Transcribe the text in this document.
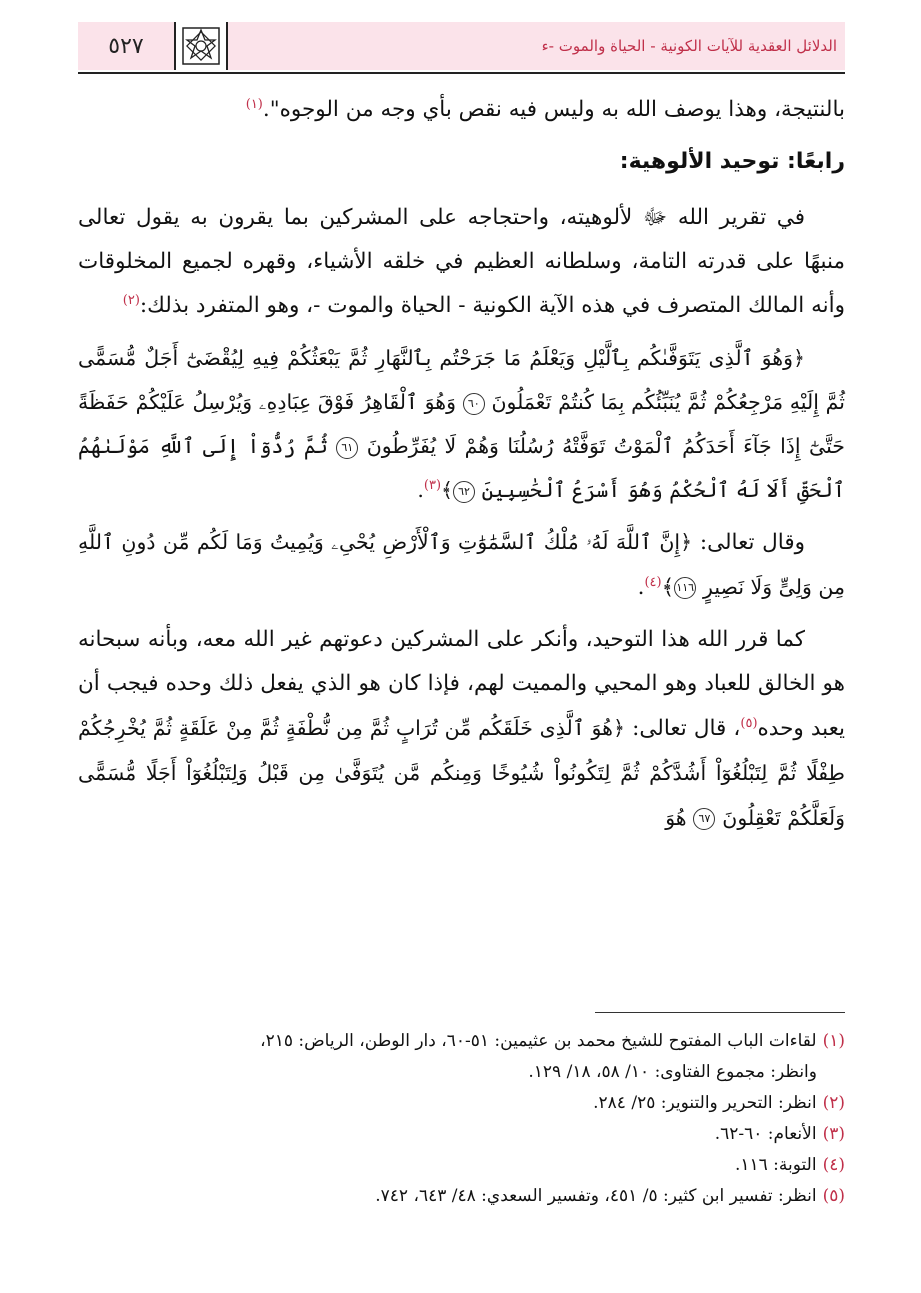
الدلائل العقدية للآيات الكونية - الحياة والموت -ء
٥٢٧

بالنتيجة، وهذا يوصف الله به وليس فيه نقص بأي وجه من الوجوه".$^{(١)}$

رابعًا: توحيد الألوهية:

في تقرير الله ﷻ لألوهيته، واحتجاجه على المشركين بما يقرون به يقول تعالى منبهًا على قدرته التامة، وسلطانه العظيم في خلقه الأشياء، وقهره لجميع المخلوقات وأنه المالك المتصرف في هذه الآية الكونية - الحياة والموت -، وهو المتفرد بذلك:$^{(٢)}$

﴿وَهُوَ ٱلَّذِى يَتَوَفَّىٰكُم بِٱلَّيْلِ وَيَعْلَمُ مَا جَرَحْتُم بِٱلنَّهَارِ ثُمَّ يَبْعَثُكُمْ فِيهِ لِيُقْضَىٰٓ أَجَلٌ مُّسَمًّى ثُمَّ إِلَيْهِ مَرْجِعُكُمْ ثُمَّ يُنَبِّئُكُم بِمَا كُنتُمْ تَعْمَلُونَ ٦٠ وَهُوَ ٱلْقَاهِرُ فَوْقَ عِبَادِهِۦ وَيُرْسِلُ عَلَيْكُمْ حَفَظَةً حَتَّىٰٓ إِذَا جَآءَ أَحَدَكُمُ ٱلْمَوْتُ تَوَفَّتْهُ رُسُلُنَا وَهُمْ لَا يُفَرِّطُونَ ٦١ ثُمَّ رُدُّوٓاْ إِلَى ٱللَّهِ مَوْلَىٰهُمُ ٱلْحَقِّ أَلَا لَهُ ٱلْحُكْمُ وَهُوَ أَسْرَعُ ٱلْحَٰسِبِينَ ٦٢﴾$^{(٣)}$.

وقال تعالى: ﴿إِنَّ ٱللَّهَ لَهُۥ مُلْكُ ٱلسَّمَٰوَٰتِ وَٱلْأَرْضِ يُحْىِۦ وَيُمِيتُ وَمَا لَكُم مِّن دُونِ ٱللَّهِ مِن وَلِىٍّ وَلَا نَصِيرٍ ١١٦﴾$^{(٤)}$.

كما قرر الله هذا التوحيد، وأنكر على المشركين دعوتهم غير الله معه، وبأنه سبحانه هو الخالق للعباد وهو المحيي والمميت لهم، فإذا كان هو الذي يفعل ذلك وحده فيجب أن يعبد وحده$^{(٥)}$، قال تعالى: ﴿هُوَ ٱلَّذِى خَلَقَكُم مِّن تُرَابٍ ثُمَّ مِن نُّطْفَةٍ ثُمَّ مِنْ عَلَقَةٍ ثُمَّ يُخْرِجُكُمْ طِفْلًا ثُمَّ لِتَبْلُغُوٓاْ أَشُدَّكُمْ ثُمَّ لِتَكُونُواْ شُيُوخًا وَمِنكُم مَّن يُتَوَفَّىٰ مِن قَبْلُ وَلِتَبْلُغُوٓاْ أَجَلًا مُّسَمًّى وَلَعَلَّكُمْ تَعْقِلُونَ ٦٧ هُوَ

(١)لقاءات الباب المفتوح للشيخ محمد بن عثيمين: ٥١-٦٠، دار الوطن، الرياض: ٢١٥،

وانظر: مجموع الفتاوى: ١٠/ ٥٨، ١٨/ ١٢٩.

(٢)انظر: التحرير والتنوير: ٢٥/ ٢٨٤.

(٣)الأنعام: ٦٠-٦٢.

(٤)التوبة: ١١٦.

(٥)انظر: تفسير ابن كثير: ٥/ ٤٥١، وتفسير السعدي: ٤٨/ ٦٤٣، ٧٤٢.
